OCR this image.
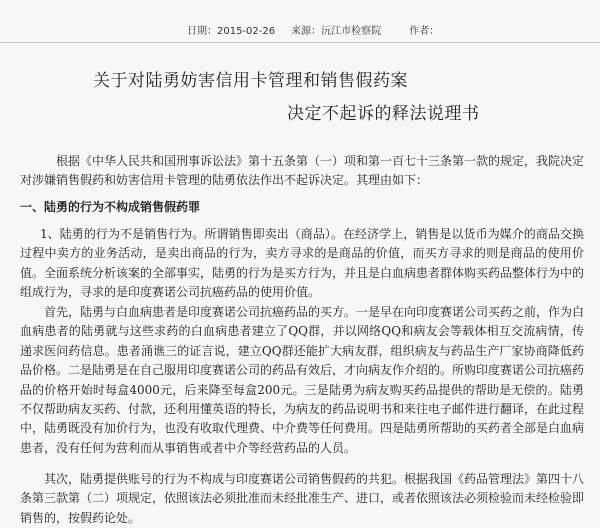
日期：2015-02-26 来源：沅江市检察院	作者：
关于对陆勇妨害信用卡管理和销售假药案
决定不起诉的释法说理书
根据《中华人民共和国刑事诉讼法》第十五条第（一）项和第一百七十三条第一款的规定，我院决定对涉嫌销售假药和妨害信用卡管理的陆勇依法作出不起诉决定。其理由如下：
一、陆勇的行为不构成销售假药罪
1、陆勇的行为不是销售行为。所谓销售即卖出（商品）。在经济学上，销售是以货币为媒介的商品交换过程中卖方的业务活动，是卖出商品的行为，卖方寻求的是商品的价值，而买方寻求的则是商品的使用价值。全面系统分析该案的全部事实，陆勇的行为是买方行为，并且是白血病患者群体购买药品整体行为中的组成行为，寻求的是印度赛诺公司抗癌药品的使用价值。
首先，陆勇与白血病患者是印度赛诺公司抗癌药品的买方。一是早在向印度赛诺公司买药之前，作为白血病患者的陆勇就与这些求药的白血病患者建立了QQ群，并以网络QQ和病友会等载体相互交流病情，传递求医问药信息。患者涌谯三的证言说，建立QQ群还能扩大病友群，组织病友与药品生产厂家协商降低药品价格。二是陆勇是在自己服用印度赛诺公司的药品有效后，才向病友作介绍的。所购印度赛诺公司抗癌药品的价格开始时每盒4000元，后来降至每盒200元。三是陆勇为病友购买药品提供的帮助是无偿的。陆勇不仅帮助病友买药、付款，还利用懂英语的特长，为病友的药品说明书和来往电子邮件进行翻译，在此过程中，陆勇既没有加价行为，也没有收取代理费、中介费等任何费用。四是陆勇所帮助的买药者全部是白血病患者，没有任何为营利而从事销售或者中介等经营药品的人员。
其次，陆勇提供账号的行为不构成与印度赛诺公司销售假药的共犯。根据我国《药品管理法》第四十八条第三款第（二）项规定，依照该法必须批准而未经批准生产、进口，或者依照该法必须检验而未经检验即销售的，按假药论处。
